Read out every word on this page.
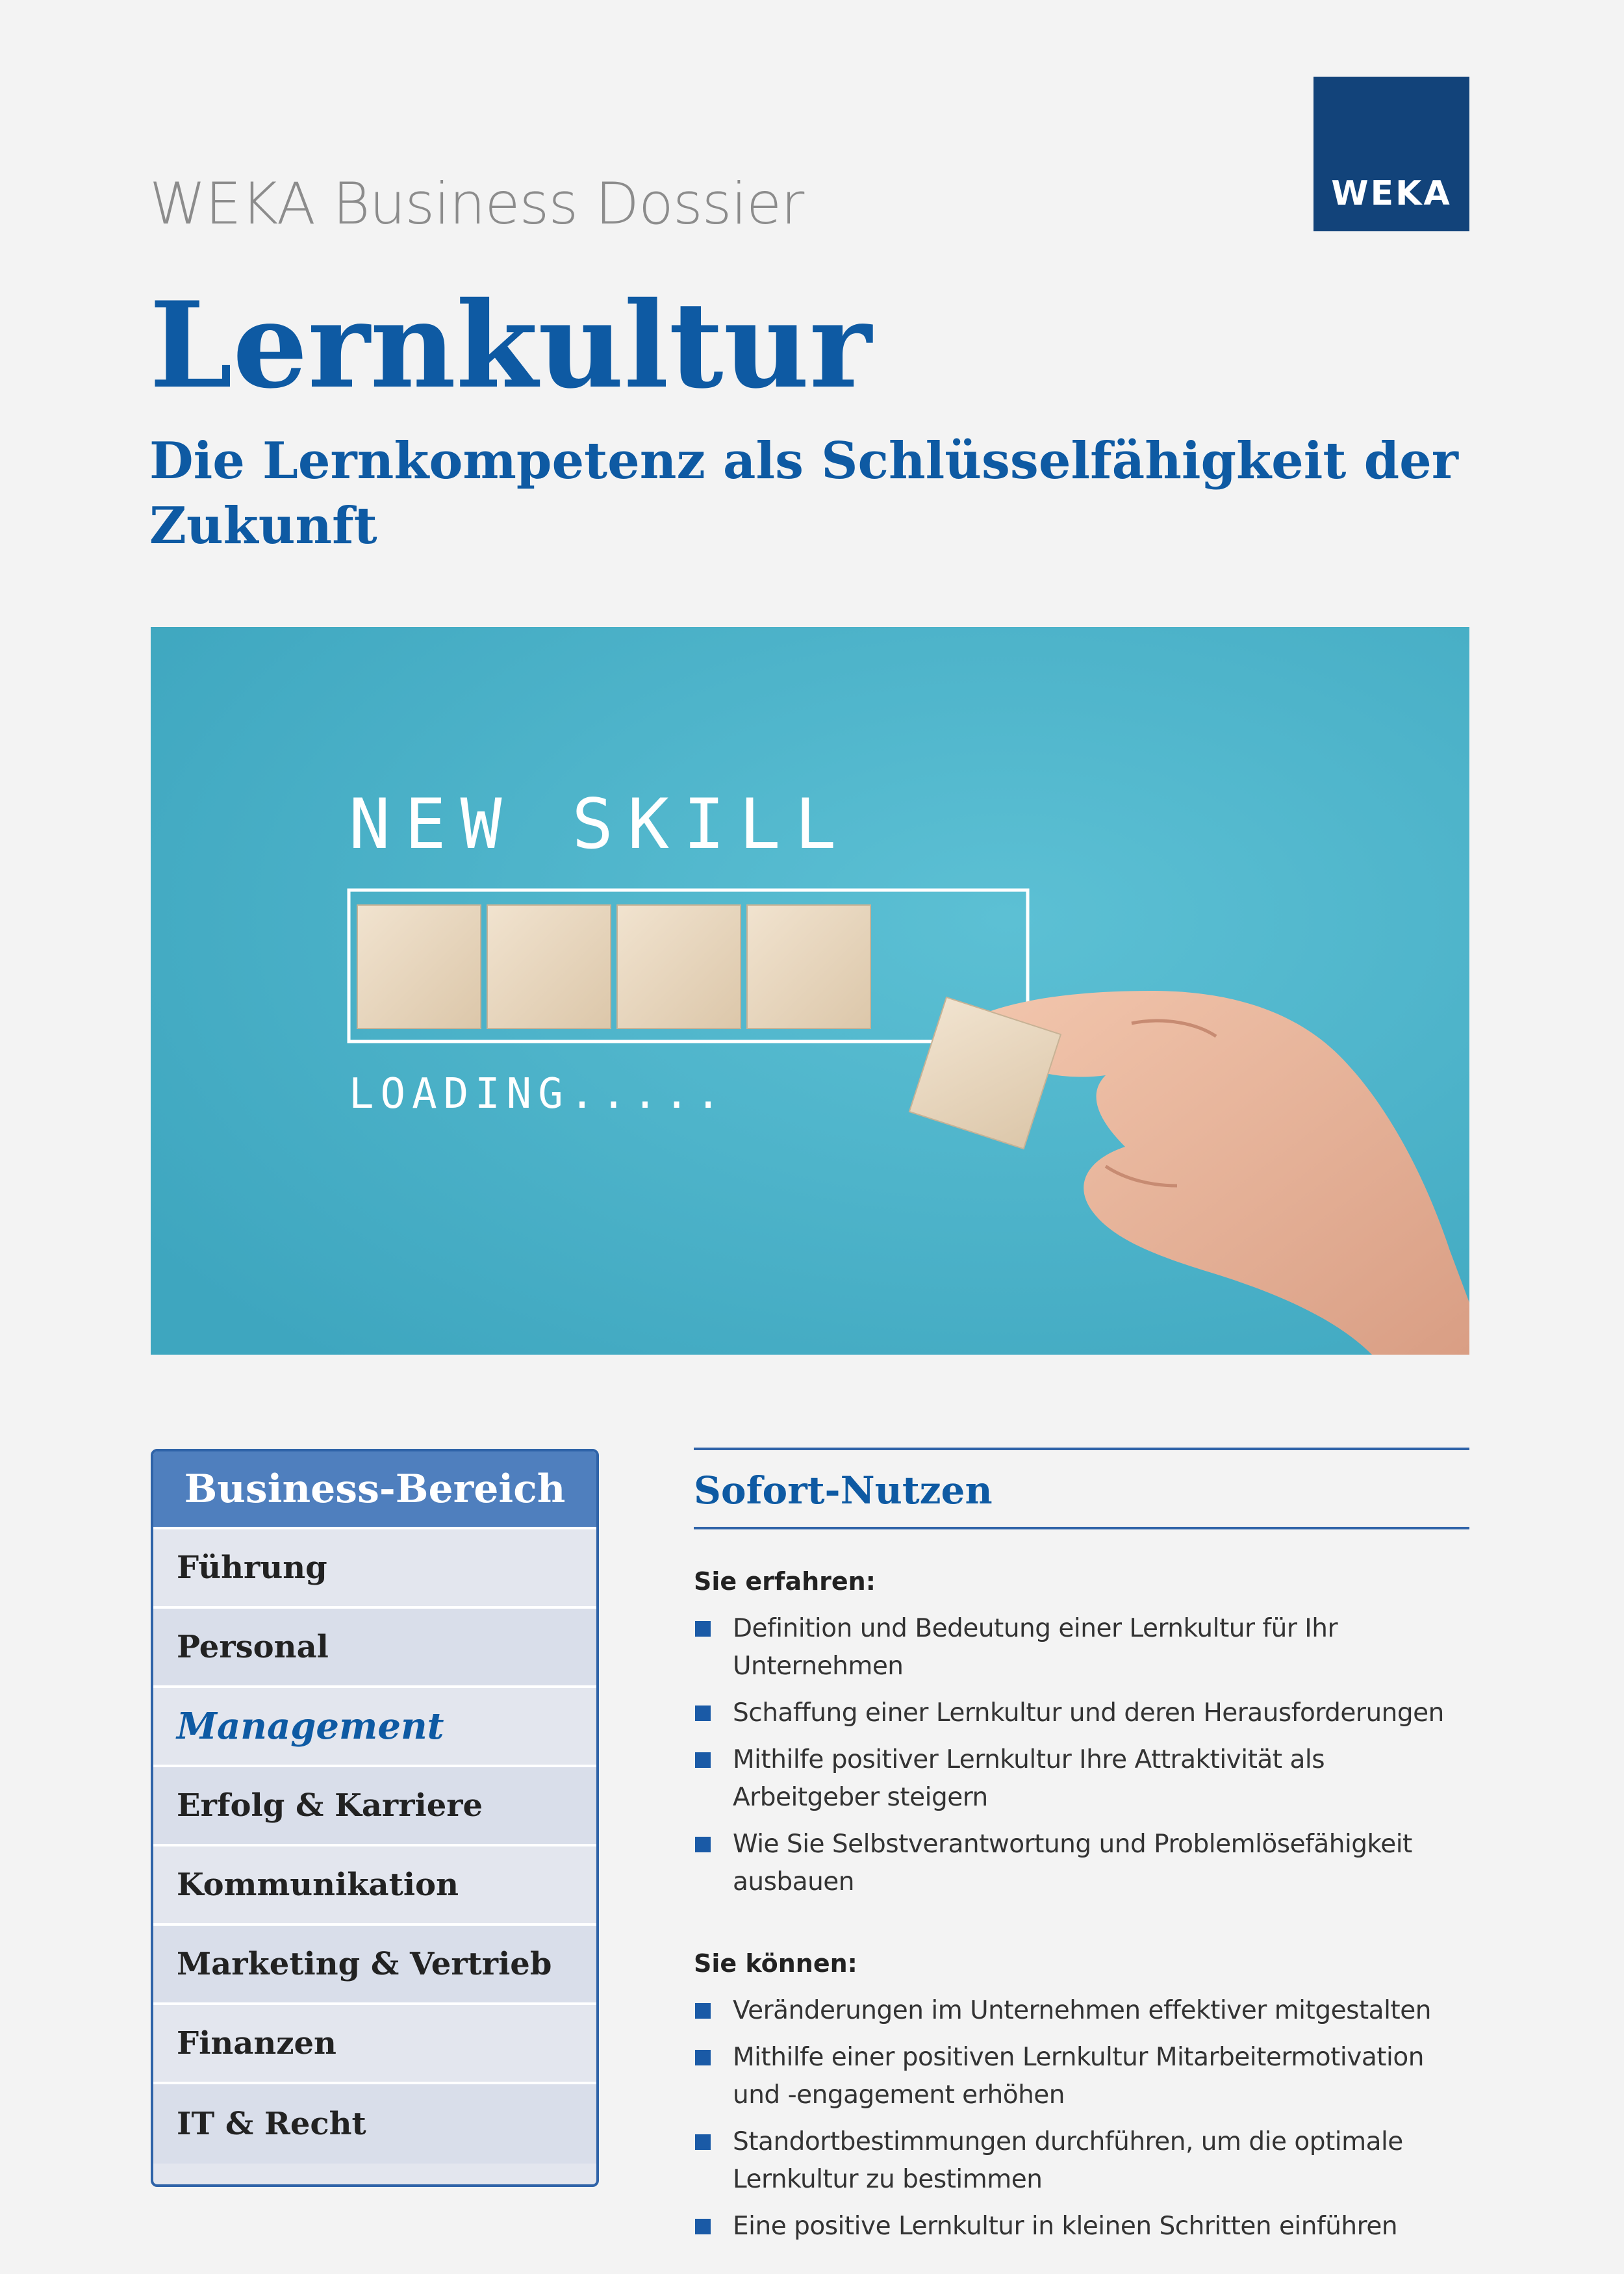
WEKA Business Dossier	WEKA
Lernkultur
Die Lernkompetenz als Schlüsselfähigkeit der Zukunft
NEW SKILL
LOADING.....
Business-Bereich
Führung
Personal
Management
Erfolg & Karriere
Kommunikation
Marketing & Vertrieb
Finanzen
IT & Recht
Sofort-Nutzen
Sie erfahren:
Definition und Bedeutung einer Lernkultur für Ihr Unternehmen
Schaffung einer Lernkultur und deren Herausforderungen
Mithilfe positiver Lernkultur Ihre Attraktivität als Arbeitgeber steigern
Wie Sie Selbstverantwortung und Problemlösefähigkeit ausbauen
Sie können:
Veränderungen im Unternehmen effektiver mitgestalten
Mithilfe einer positiven Lernkultur Mitarbeitermotivation und -engagement erhöhen
Standortbestimmungen durchführen, um die optimale Lernkultur zu bestimmen
Eine positive Lernkultur in kleinen Schritten einführen
